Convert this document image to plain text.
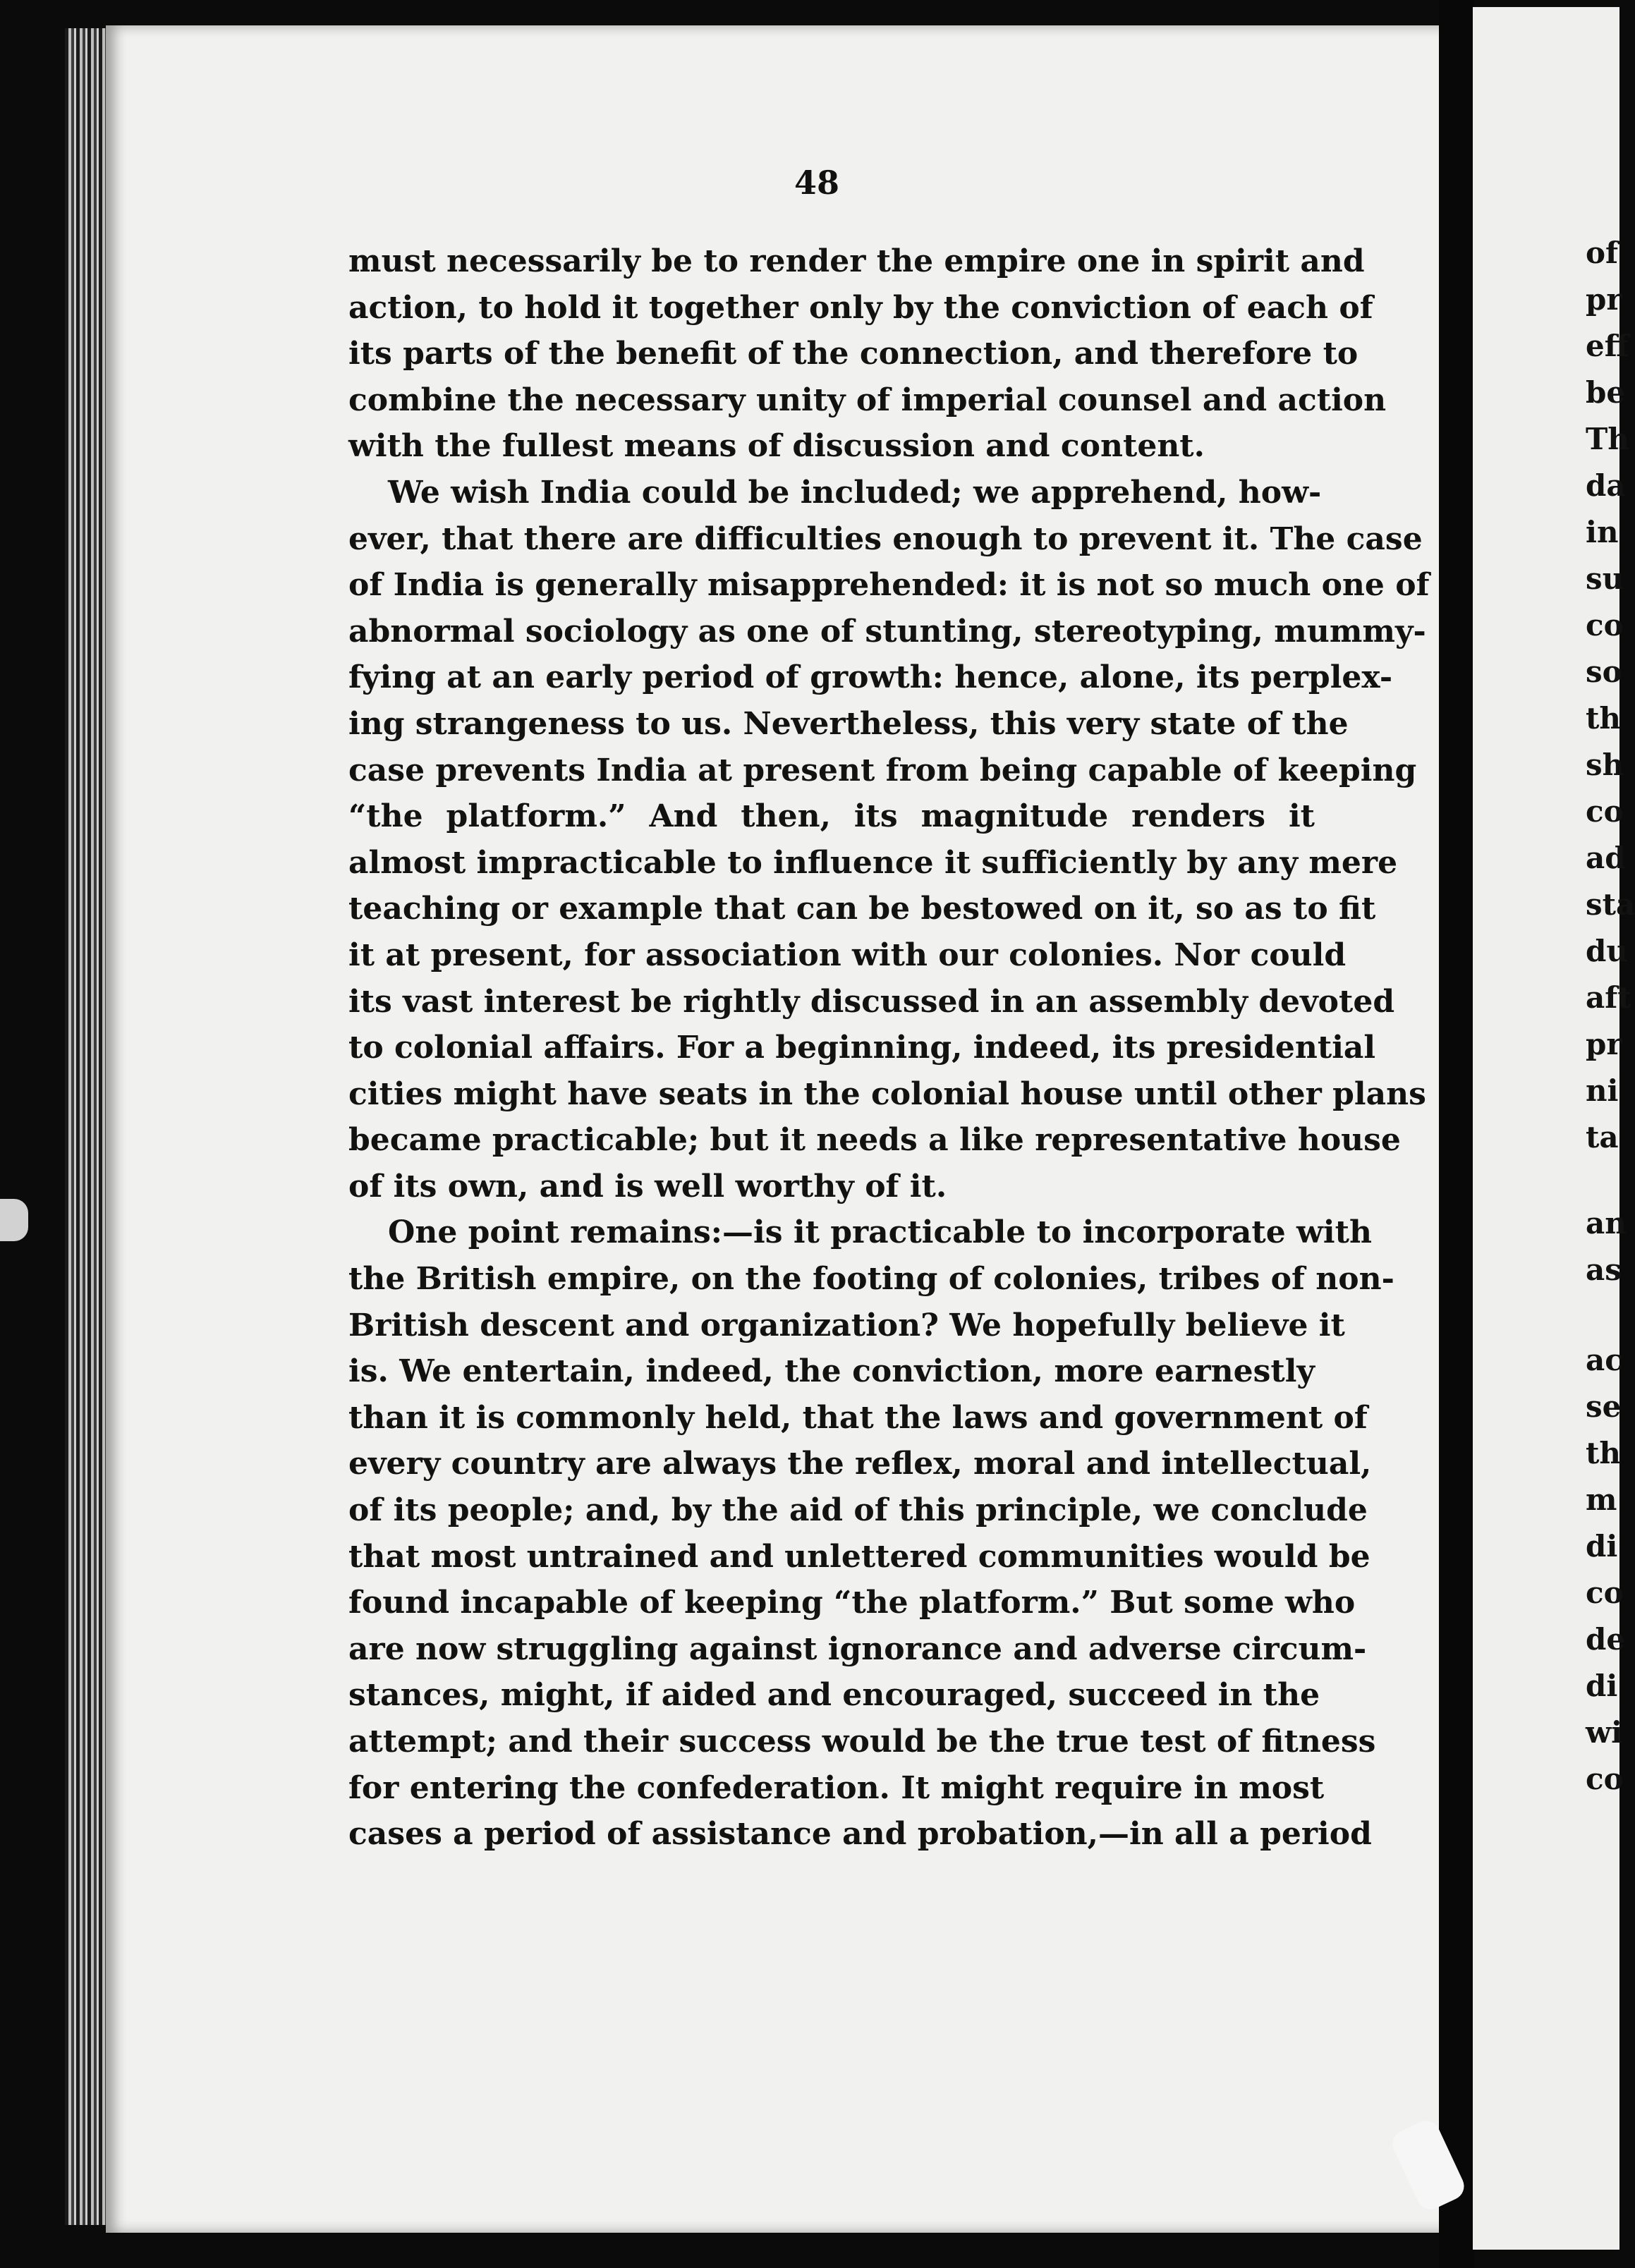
48
must necessarily be to render the empire one in spirit and
action, to hold it together only by the conviction of each of
its parts of the benefit of the connection, and therefore to
combine the necessary unity of imperial counsel and action
with the fullest means of discussion and content.
We wish India could be included; we apprehend, how-
ever, that there are difficulties enough to prevent it. The case
of India is generally misapprehended: it is not so much one of
abnormal sociology as one of stunting, stereotyping, mummy-
fying at an early period of growth: hence, alone, its perplex-
ing strangeness to us. Nevertheless, this very state of the
case prevents India at present from being capable of keeping
“the platform.” And then, its magnitude renders it
almost impracticable to influence it sufficiently by any mere
teaching or example that can be bestowed on it, so as to fit
it at present, for association with our colonies. Nor could
its vast interest be rightly discussed in an assembly devoted
to colonial affairs. For a beginning, indeed, its presidential
cities might have seats in the colonial house until other plans
became practicable; but it needs a like representative house
of its own, and is well worthy of it.
One point remains:—is it practicable to incorporate with
the British empire, on the footing of colonies, tribes of non-
British descent and organization? We hopefully believe it
is. We entertain, indeed, the conviction, more earnestly
than it is commonly held, that the laws and government of
every country are always the reflex, moral and intellectual,
of its people; and, by the aid of this principle, we conclude
that most untrained and unlettered communities would be
found incapable of keeping “the platform.” But some who
are now struggling against ignorance and adverse circum-
stances, might, if aided and encouraged, succeed in the
attempt; and their success would be the true test of fitness
for entering the confederation. It might require in most
cases a period of assistance and probation,—in all a period
of
pr
eff
be
Th
da
in
su
co
so
th
sh
co
ad
sta
du
aft
pr
ni
ta
an
as
ac
se
th
m
di
co
de
di
wi
co
